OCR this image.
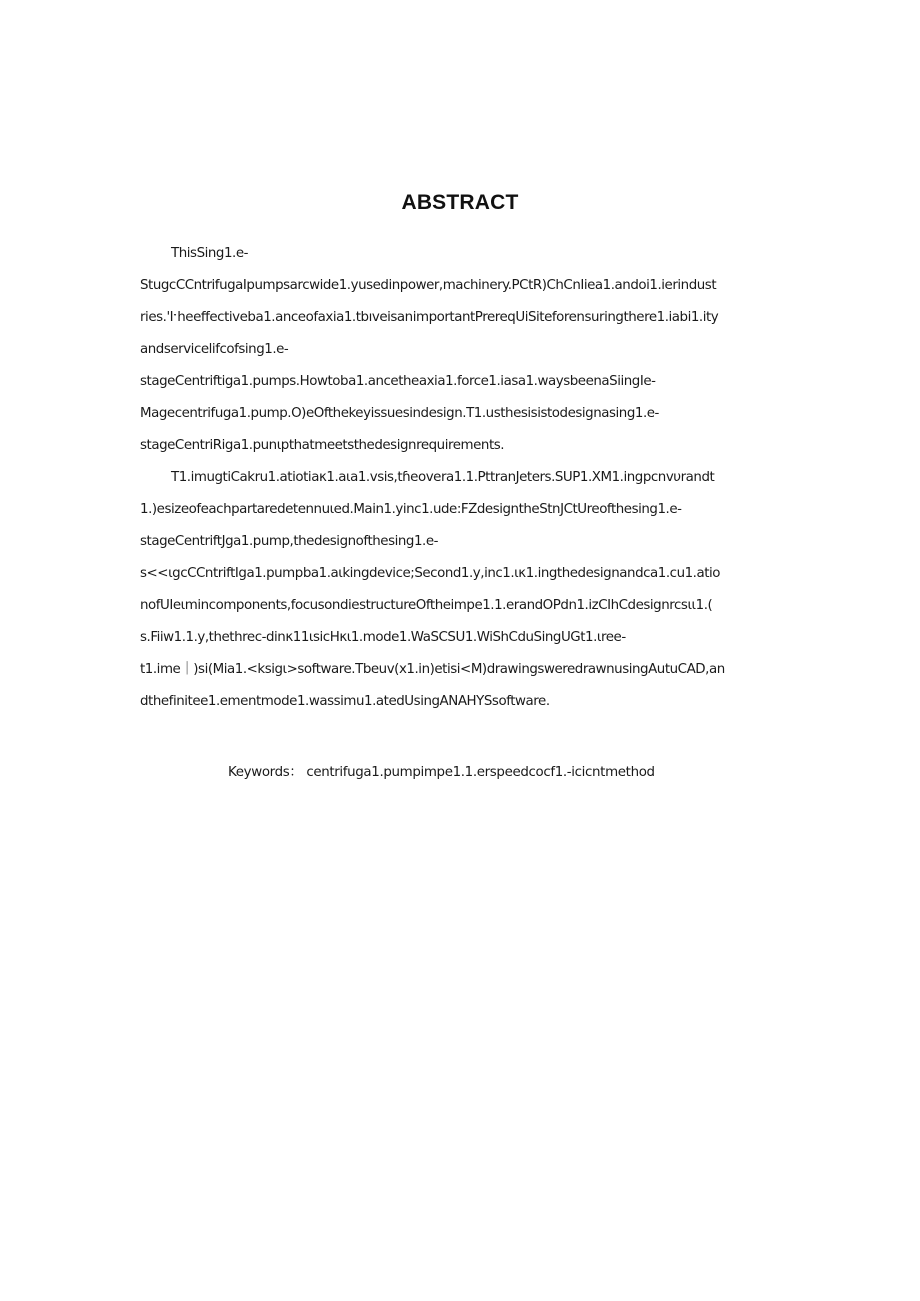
ABSTRACT
ThisSing1.e-
StugcCCntrifugaIpumpsarcwide1.yusedinpower,machinery.PCtR)ChCnIiea1.andoi1.ierindust
ries.'Iˑheeffectiveba1.anceofaxia1.tbıveisanimportantPrereqUiSiteforensuringthere1.iabi1.ity
andservicelifcofsing1.e-
stageCentriftiga1.pumps.Howtoba1.ancetheaxia1.force1.iasa1.waysbeenaSiingIe-
Magecentrifuga1.pump.O)eOfthekeyissuesindesign.T1.usthesisistodesignasing1.e-
stageCentriRiga1.punιpthatmeetsthedesignrequirements.
T1.imugtiCakru1.atiotiaκ1.aιa1.vsis,tɦeovera1.1.PttranJeters.SUP1.XM1.ingpcnvυrandt
1.)esizeofeachpartaredetennuιed.Main1.yinc1.ude:FZdesigntheStnJCtUreofthesing1.e-
stageCentriftJga1.pump,thedesignofthesing1.e-
s<<ιgcCCntriftIga1.pumpba1.aιkingdevice;Second1.y,inc1.ικ1.ingthedesignandca1.cu1.atio
nofUIeιmincomponents,focusondiestructureOftheimpe1.1.erandOPdn1.izCIhCdesignrcsιι1.(
s.Fiiw1.1.y,thethrec-dinκ11ιsicHκι1.mode1.WaSCSU1.WiShCduSingUGt1.ιree-
t1.ime｜)si(Mia1.<ksigι>software.Tbeuv(x1.in)etisi<M)drawingsweredrawnusingAutuCAD,an
dthefinitee1.ementmode1.wassimu1.atedUsingANAHYSsoftware.
Keywords： centrifuga1.pumpimpe1.1.erspeedcocf1.-icicntmethod
